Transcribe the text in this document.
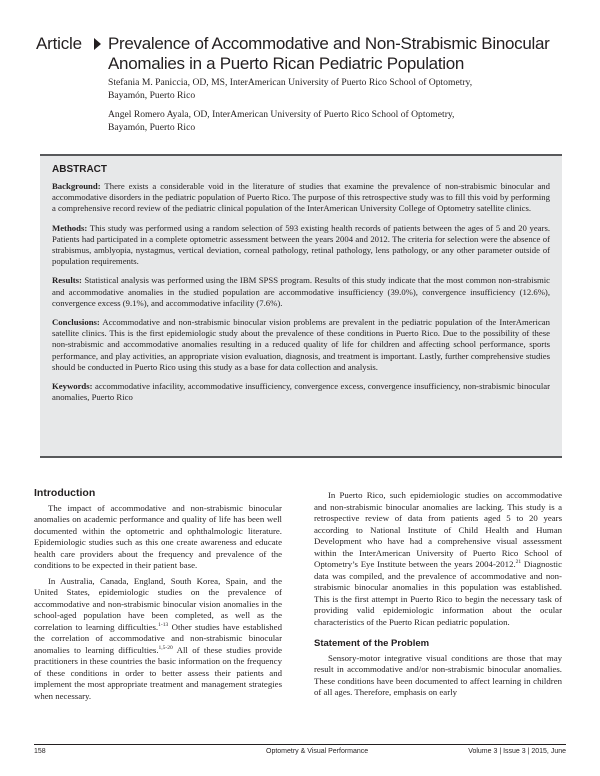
Article Prevalence of Accommodative and Non-Strabismic Binocular Anomalies in a Puerto Rican Pediatric Population
Stefania M. Paniccia, OD, MS, InterAmerican University of Puerto Rico School of Optometry,
Bayamón, Puerto Rico
Angel Romero Ayala, OD, InterAmerican University of Puerto Rico School of Optometry,
Bayamón, Puerto Rico
ABSTRACT

Background: There exists a considerable void in the literature of studies that examine the prevalence of non-strabismic binocular and accommodative disorders in the pediatric population of Puerto Rico. The purpose of this retrospective study was to fill this void by performing a comprehensive record review of the pediatric clinical population of the InterAmerican University College of Optometry satellite clinics.

Methods: This study was performed using a random selection of 593 existing health records of patients between the ages of 5 and 20 years. Patients had participated in a complete optometric assessment between the years 2004 and 2012. The criteria for selection were the absence of strabismus, amblyopia, nystagmus, vertical deviation, corneal pathology, retinal pathology, lens pathology, or any other parameter outside of population requirements.

Results: Statistical analysis was performed using the IBM SPSS program. Results of this study indicate that the most common non-strabismic and accommodative anomalies in the studied population are accommodative insufficiency (39.0%), convergence insufficiency (12.6%), convergence excess (9.1%), and accommodative infacility (7.6%).

Conclusions: Accommodative and non-strabismic binocular vision problems are prevalent in the pediatric population of the InterAmerican satellite clinics. This is the first epidemiologic study about the prevalence of these conditions in Puerto Rico. Due to the possibility of these non-strabismic and accommodative anomalies resulting in a reduced quality of life for children and affecting school performance, sports performance, and play activities, an appropriate vision evaluation, diagnosis, and treatment is important. Lastly, further comprehensive studies should be conducted in Puerto Rico using this study as a base for data collection and analysis.

Keywords: accommodative infacility, accommodative insufficiency, convergence excess, convergence insufficiency, non-strabismic binocular anomalies, Puerto Rico

Introduction

The impact of accommodative and non-strabismic binocular anomalies on academic performance and quality of life has been well documented within the optometric and ophthalmologic literature. Epidemiologic studies such as this one create awareness and educate health care providers about the frequency and prevalence of the conditions to be expected in their patient base.

In Australia, Canada, England, South Korea, Spain, and the United States, epidemiologic studies on the prevalence of accommodative and non-strabismic binocular vision anomalies in the school-aged population have been completed, as well as the correlation to learning difficulties.$^{1-13}$ Other studies have established the correlation of accommodative and non-strabismic binocular anomalies to learning difficulties.$^{1,5-20}$ All of these studies provide practitioners in these countries the basic information on the frequency of these conditions in order to better assess their patients and implement the most appropriate treatment and management strategies when necessary.

In Puerto Rico, such epidemiologic studies on accommodative and non-strabismic binocular anomalies are lacking. This study is a retrospective review of data from patients aged 5 to 20 years according to National Institute of Child Health and Human Development who have had a comprehensive visual assessment within the InterAmerican University of Puerto Rico School of Optometry’s Eye Institute between the years 2004-2012.21 Diagnostic data was compiled, and the prevalence of accommodative and non-strabismic binocular anomalies in this population was established. This is the first attempt in Puerto Rico to begin the necessary task of providing valid epidemiologic information about the ocular characteristics of the Puerto Rican pediatric population.

Statement of the Problem

Sensory-motor integrative visual conditions are those that may result in accommodative and/or non-strabismic binocular anomalies. These conditions have been documented to affect learning in children of all ages. Therefore, emphasis on early

158	Optometry & Visual Performance	Volume 3 | Issue 3 | 2015, June
